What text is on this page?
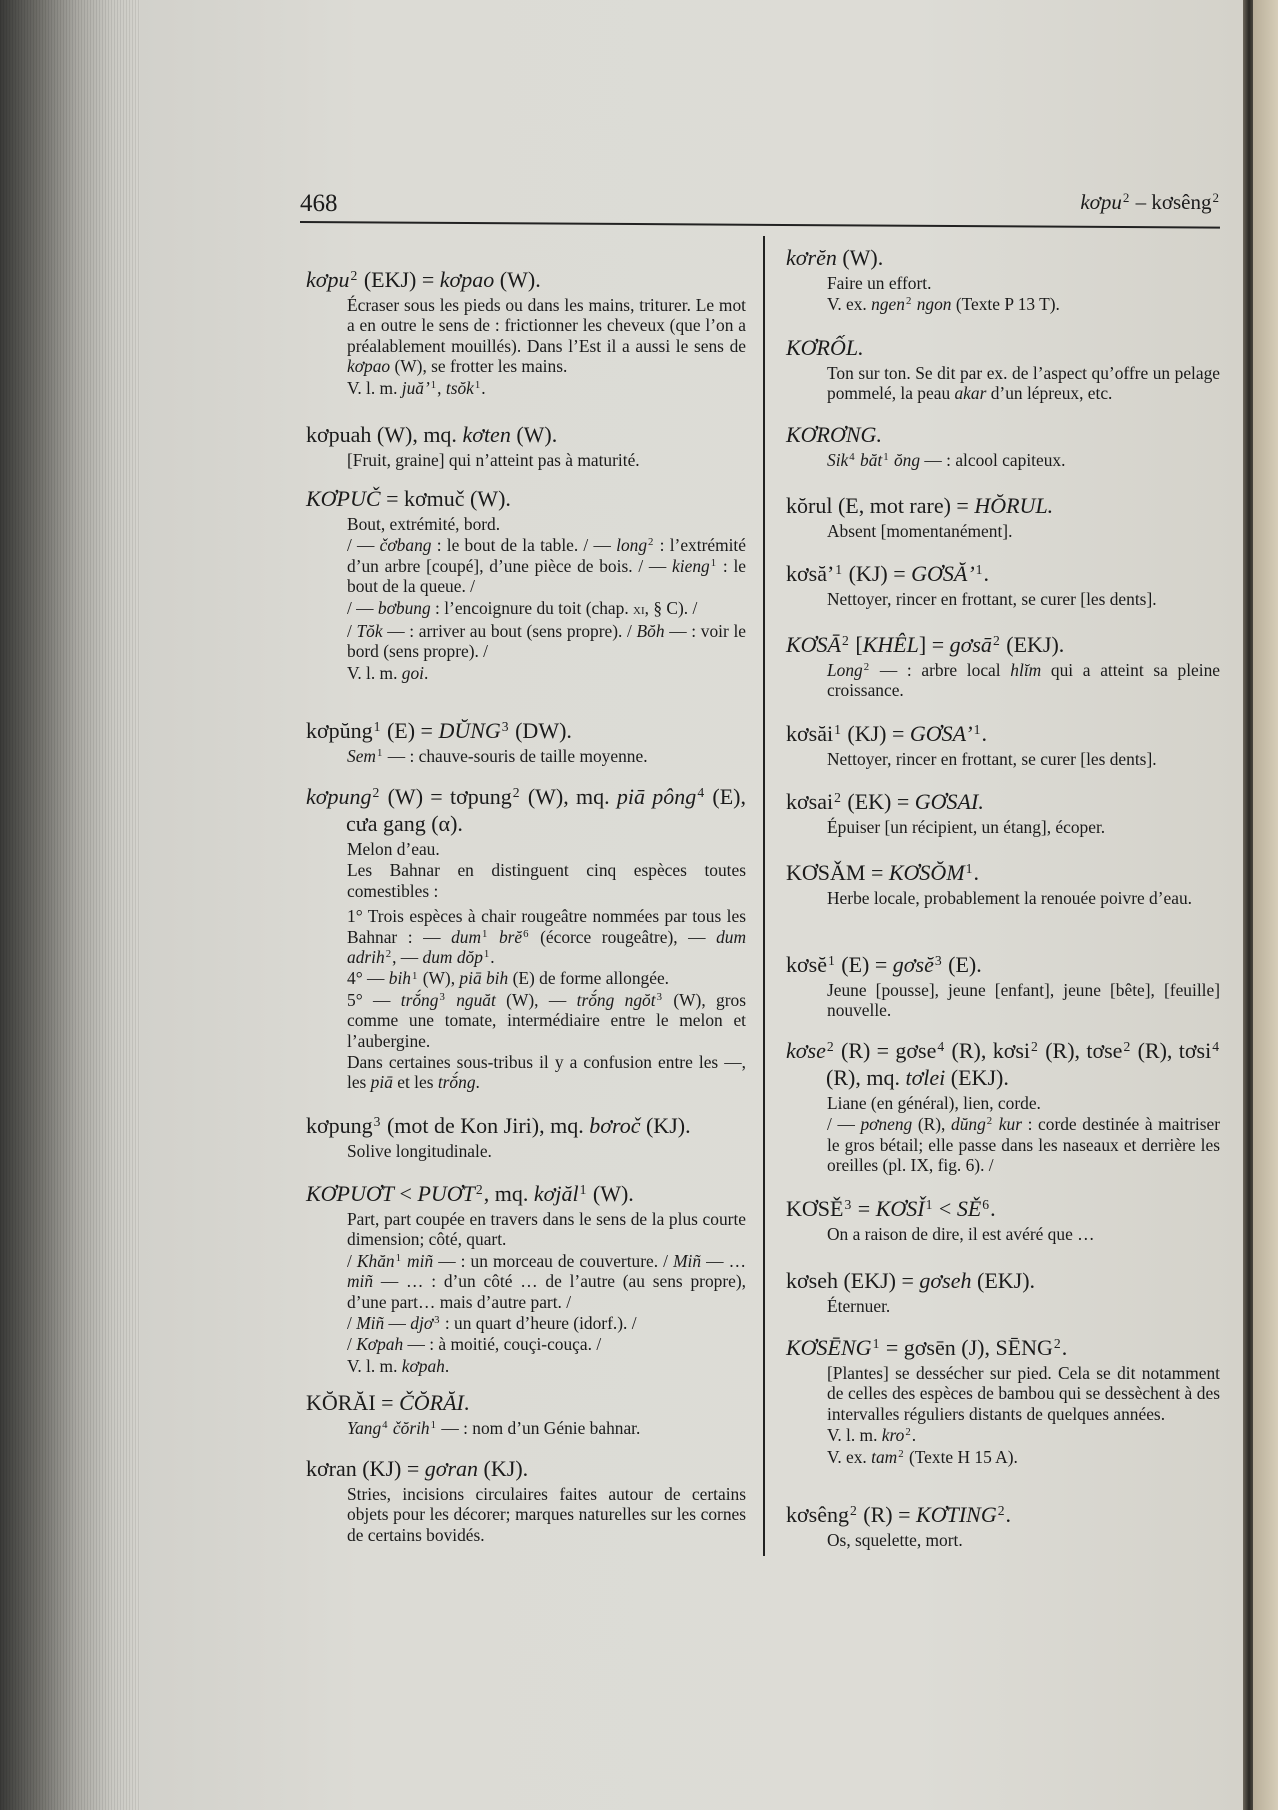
468	kơpu$^2$ – kơsêng$^2$
kơpu$^2$ (EKJ) = kơpao (W).
Écraser sous les pieds ou dans les mains, triturer. Le mot a en outre le sens de : frictionner les cheveux (que l’on a préalablement mouillés). Dans l’Est il a aussi le sens de kơpao (W), se frotter les mains.
V. l. m. juă’$^1$, tsŏk$^1$.
kơpuah (W), mq. kơten (W).
[Fruit, graine] qui n’atteint pas à maturité.
KƠPUČ = kơmuč (W).
Bout, extrémité, bord.
/ — čơbang : le bout de la table. / — long$^2$ : l’extrémité d’un arbre [coupé], d’une pièce de bois. / — kieng$^1$ : le bout de la queue. /
/ — bơbung : l’encoignure du toit (chap. xi, § C). /
/ Tŏk — : arriver au bout (sens propre). / Bŏh — : voir le bord (sens propre). /
V. l. m. goi.
kơpŭng$^1$ $(E) = DŬNG^3$ (DW).
Sem$^1$ — : chauve-souris de taille moyenne.
kơpung$^2$ (W) = tơpung$^2$ (W), mq. piā pông$^4$ (E), cưa gang (α).
Melon d’eau.
Les Bahnar en distinguent cinq espèces toutes comestibles :
1° Trois espèces à chair rougeâtre nommées par tous les Bahnar : — dum$^1$ brĕ$^6$ (écorce rougeâtre), — dum adrih$^2$, — dum dŏp$^1$.
4° — bih$^1$ (W), piā bih (E) de forme allongée.
5° — $trŏ́ng^3$ nguăt (W), — trŏ́ng ngŏt$^3$ (W), gros comme une tomate, intermédiaire entre le melon et l’aubergine.
Dans certaines sous-tribus il y a confusion entre les —, les piā et les trŏ́ng.
kơpung$^3$ (mot de Kon Jiri), mq. bơroč (KJ).
Solive longitudinale.
KƠPUƠT < $PUƠT^2$, mq. kơjăl$^1$ (W).
Part, part coupée en travers dans le sens de la plus courte dimension; côté, quart.
/ Khăn$^1$ miñ — : un morceau de couverture. / Miñ — … miñ — … : d’un côté … de l’autre (au sens propre), d’une part… mais d’autre part. /
/ Miñ — djơ$^3$ : un quart d’heure (idorf.). /
/ Kơpah — : à moitié, couçi-couça. /
V. l. m. kơpah.
KŎRĂI = ČŎRĂI.
Yang$^4$ čŏrih$^1$ — : nom d’un Génie bahnar.
kơran (KJ) = gơran (KJ).
Stries, incisions circulaires faites autour de certains objets pour les décorer; marques naturelles sur les cornes de certains bovidés.
kơrĕn (W).
Faire un effort.
V. ex. ngen$^2$ ngon (Texte P 13 T).
KƠRỐL.
Ton sur ton. Se dit par ex. de l’aspect qu’offre un pelage pommelé, la peau akar d’un lépreux, etc.
KƠRƠNG.
Sik$^4$ băt$^1$ ŏng — : alcool capiteux.
kŏrul (E, mot rare) = HŎRUL.
Absent [momentanément].
kơsă’$^1$ (KJ) = GƠSĂ’$^1$.
Nettoyer, rincer en frottant, se curer [les dents].
KƠSĀ$^2$ [KHÊL] = gơsā$^2$ (EKJ).
Long$^2$ — : arbre local hlĭm qui a atteint sa pleine croissance.
kơsăi$^1$ (KJ) = GƠSA’$^1$.
Nettoyer, rincer en frottant, se curer [les dents].
kơsai$^2$ (EK) = GƠSAI.
Épuiser [un récipient, un étang], écoper.
KƠSǍM = $KƠSŎM^1$.
Herbe locale, probablement la renouée poivre d’eau.
kơsĕ$^1$ (E) = gơsĕ$^3$ (E).
Jeune [pousse], jeune [enfant], jeune [bête], [feuille] nouvelle.
kơse$^2$ (R) = gơse$^4$ (R), kơsi$^2$ (R), tơse$^2$ (R), tơsi$^4$ (R), mq. tơlei (EKJ).
Liane (en général), lien, corde.
/ — pơneng (R), dŭng$^2$ kur : corde destinée à maitriser le gros bétail; elle passe dans les naseaux et derrière les oreilles (pl. IX, fig. 6). /
$KƠSĚ^3$ = $KƠSǏ^1$ < $SĚ^6$.
On a raison de dire, il est avéré que …
kơseh (EKJ) = gơseh (EKJ).
Éternuer.
$KƠSĒNG^1$ = gơsēn (J), SĒNG$^2$.
[Plantes] se dessécher sur pied. Cela se dit notamment de celles des espèces de bambou qui se dessèchent à des intervalles réguliers distants de quelques années.
V. l. m. kro$^2$.
V. ex. tam$^2$ (Texte H 15 A).
kơsêng$^2$ $(R) = KƠTING^2$.
Os, squelette, mort.
